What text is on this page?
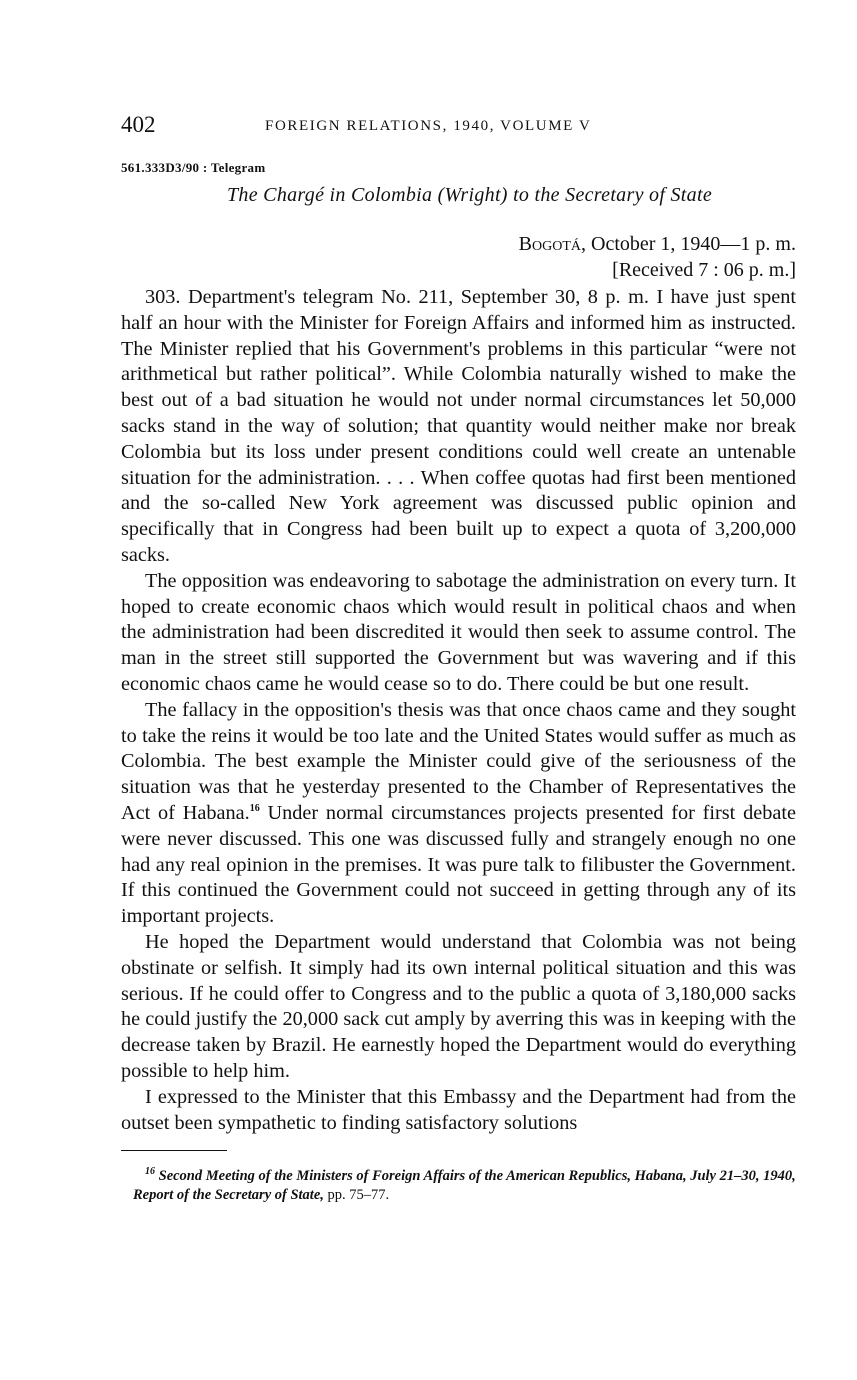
402	FOREIGN RELATIONS, 1940, VOLUME V
561.333D3/90 : Telegram
The Chargé in Colombia (Wright) to the Secretary of State
Bogotá, October 1, 1940—1 p. m.
[Received 7 : 06 p. m.]

303. Department's telegram No. 211, September 30, 8 p. m. I have just spent half an hour with the Minister for Foreign Affairs and informed him as instructed. The Minister replied that his Government's problems in this particular “were not arithmetical but rather political”. While Colombia naturally wished to make the best out of a bad situation he would not under normal circumstances let 50,000 sacks stand in the way of solution; that quantity would neither make nor break Colombia but its loss under present conditions could well create an untenable situation for the administration. . . . When coffee quotas had first been mentioned and the so-called New York agreement was discussed public opinion and specifically that in Congress had been built up to expect a quota of 3,200,000 sacks.

The opposition was endeavoring to sabotage the administration on every turn. It hoped to create economic chaos which would result in political chaos and when the administration had been discredited it would then seek to assume control. The man in the street still supported the Government but was wavering and if this economic chaos came he would cease so to do. There could be but one result.

The fallacy in the opposition's thesis was that once chaos came and they sought to take the reins it would be too late and the United States would suffer as much as Colombia. The best example the Minister could give of the seriousness of the situation was that he yesterday presented to the Chamber of Representatives the Act of Habana.$^{16}$ Under normal circumstances projects presented for first debate were never discussed. This one was discussed fully and strangely enough no one had any real opinion in the premises. It was pure talk to filibuster the Government. If this continued the Government could not succeed in getting through any of its important projects.

He hoped the Department would understand that Colombia was not being obstinate or selfish. It simply had its own internal political situation and this was serious. If he could offer to Congress and to the public a quota of 3,180,000 sacks he could justify the 20,000 sack cut amply by averring this was in keeping with the decrease taken by Brazil. He earnestly hoped the Department would do everything possible to help him.

I expressed to the Minister that this Embassy and the Department had from the outset been sympathetic to finding satisfactory solutions

$^{16}$ Second Meeting of the Ministers of Foreign Affairs of the American Republics, Habana, July 21–30, 1940, Report of the Secretary of State, pp. 75–77.
